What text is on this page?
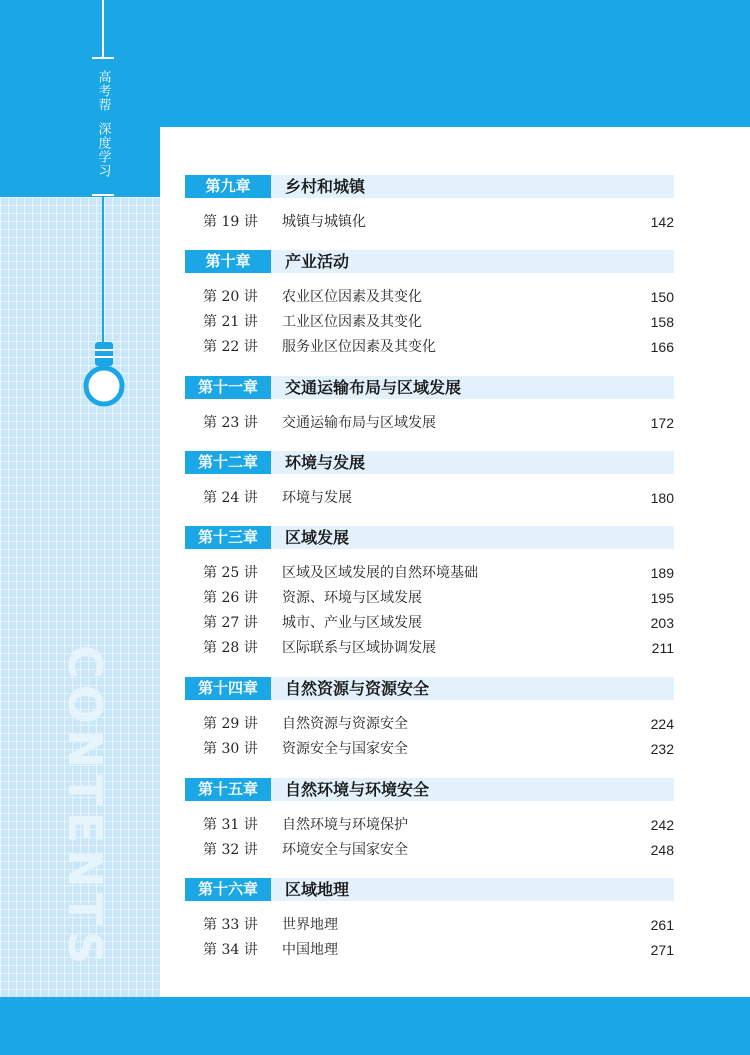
高考帮
深度学习
CONTENTS
第九章	乡村和城镇
第 19 讲 城镇与城镇化	142
第十章	产业活动
第 20 讲 农业区位因素及其变化	150
第 21 讲 工业区位因素及其变化	158
第 22 讲 服务业区位因素及其变化	166
第十一章	交通运输布局与区域发展
第 23 讲 交通运输布局与区域发展	172
第十二章	环境与发展
第 24 讲 环境与发展	180
第十三章	区域发展
第 25 讲 区域及区域发展的自然环境基础	189
第 26 讲 资源、环境与区域发展	195
第 27 讲 城市、产业与区域发展	203
第 28 讲 区际联系与区域协调发展	211
第十四章	自然资源与资源安全
第 29 讲 自然资源与资源安全	224
第 30 讲 资源安全与国家安全	232
第十五章	自然环境与环境安全
第 31 讲 自然环境与环境保护	242
第 32 讲 环境安全与国家安全	248
第十六章	区域地理
第 33 讲 世界地理	261
第 34 讲 中国地理	271
